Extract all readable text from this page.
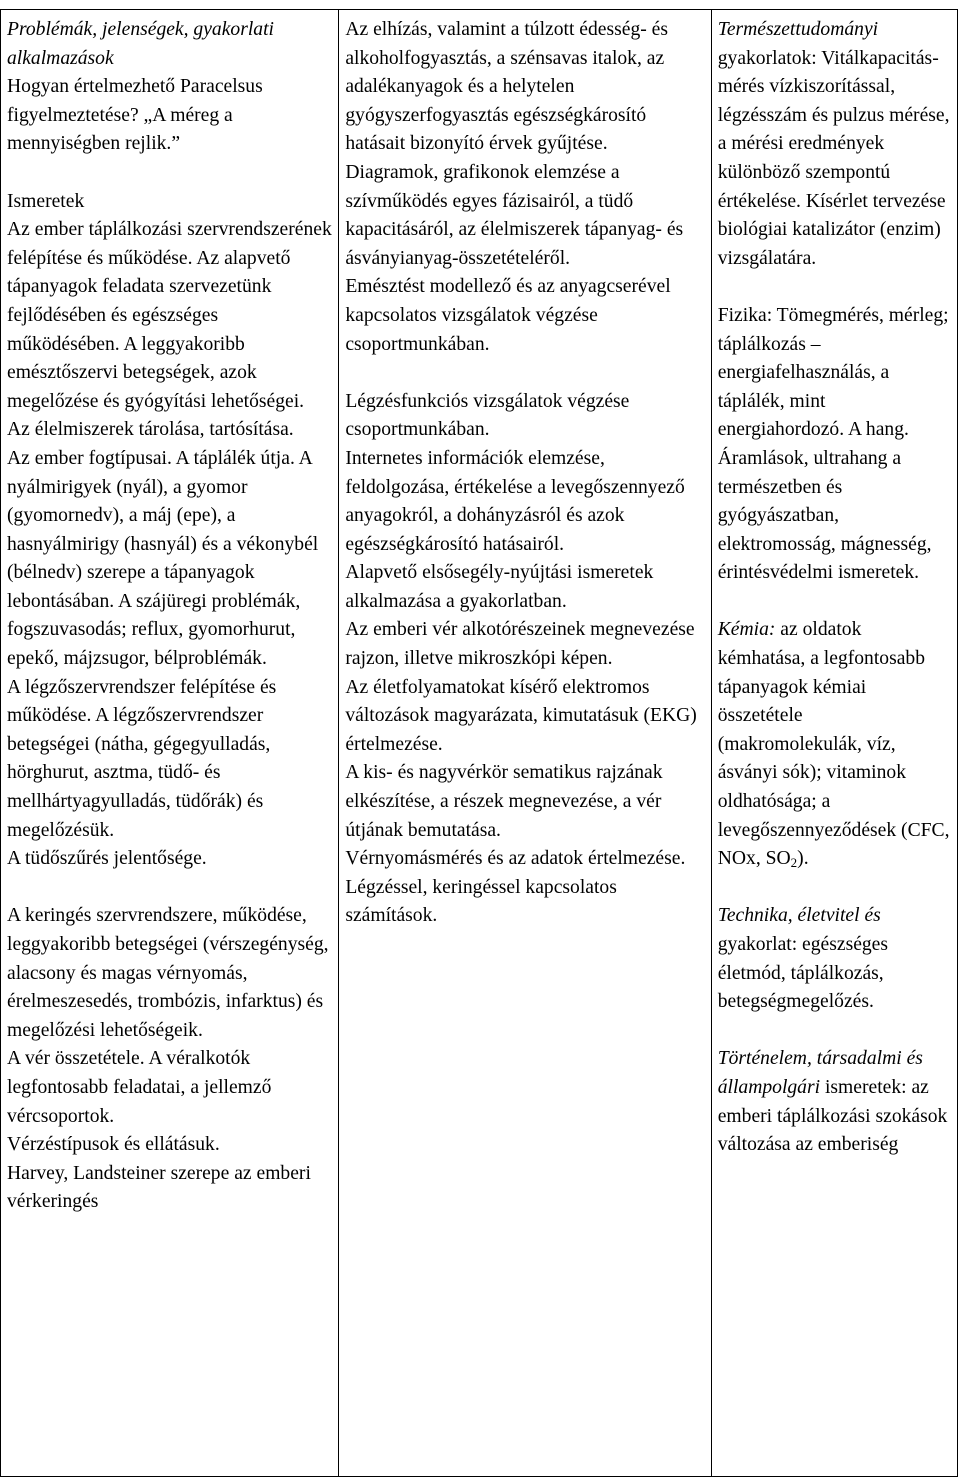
Problémák, jelenségek, gyakorlati alkalmazások
Hogyan értelmezhető Paracelsus figyelmeztetése? „A méreg a mennyiségben rejlik.”
Ismeretek
Az ember táplálkozási szervrendszerének felépítése és működése. Az alapvető tápanyagok feladata szervezetünk fejlődésében és egészséges működésében. A leggyakoribb emésztőszervi betegségek, azok megelőzése és gyógyítási lehetőségei.
Az élelmiszerek tárolása, tartósítása.
Az ember fogtípusai. A táplálék útja. A nyálmirigyek (nyál), a gyomor (gyomornedv), a máj (epe), a hasnyálmirigy (hasnyál) és a vékonybél (bélnedv) szerepe a tápanyagok lebontásában. A szájüregi problémák, fogszuvasodás; reflux, gyomorhurut, epekő, májzsugor, bélproblémák.
A légzőszervrendszer felépítése és működése. A légzőszervrendszer betegségei (nátha, gégegyulladás, hörghurut, asztma, tüdő- és mellhártyagyulladás, tüdőrák) és megelőzésük.
A tüdőszűrés jelentősége.
A keringés szervrendszere, működése, leggyakoribb betegségei (vérszegénység, alacsony és magas vérnyomás, érelmeszesedés, trombózis, infarktus) és megelőzési lehetőségeik.
A vér összetétele. A véralkotók legfontosabb feladatai, a jellemző vércsoportok.
Vérzéstípusok és ellátásuk.
Harvey, Landsteiner szerepe az emberi vérkeringés

Az elhízás, valamint a túlzott édesség- és alkoholfogyasztás, a szénsavas italok, az adalékanyagok és a helytelen gyógyszerfogyasztás egészségkárosító hatásait bizonyító érvek gyűjtése.
Diagramok, grafikonok elemzése a szívműködés egyes fázisairól, a tüdő kapacitásáról, az élelmiszerek tápanyag- és ásványianyag-összetételéről.
Emésztést modellező és az anyagcserével kapcsolatos vizsgálatok végzése csoportmunkában.
Légzésfunkciós vizsgálatok végzése csoportmunkában.
Internetes információk elemzése, feldolgozása, értékelése a levegőszennyező anyagokról, a dohányzásról és azok egészségkárosító hatásairól.
Alapvető elsősegély-nyújtási ismeretek alkalmazása a gyakorlatban.
Az emberi vér alkotórészeinek megnevezése rajzon, illetve mikroszkópi képen.
Az életfolyamatokat kísérő elektromos változások magyarázata, kimutatásuk (EKG) értelmezése.
A kis- és nagyvérkör sematikus rajzának elkészítése, a részek megnevezése, a vér útjának bemutatása.
Vérnyomásmérés és az adatok értelmezése.
Légzéssel, keringéssel kapcsolatos számítások.

Természettudományi
gyakorlatok: Vitálkapacitás-mérés vízkiszorítással, légzésszám és pulzus mérése, a mérési eredmények különböző szempontú értékelése. Kísérlet tervezése biológiai katalizátor (enzim) vizsgálatára.
Fizika: Tömegmérés, mérleg; táplálkozás – energiafelhasználás, a táplálék, mint energiahordozó. A hang. Áramlások, ultrahang a természetben és gyógyászatban, elektromosság, mágnesség, érintésvédelmi ismeretek.
Kémia: az oldatok kémhatása, a legfontosabb tápanyagok kémiai összetétele (makromolekulák, víz, ásványi sók); vitaminok oldhatósága; a levegőszennyeződések (CFC, NOx, $SO_2$).
Technika, életvitel és gyakorlat: egészséges életmód, táplálkozás, betegségmegelőzés.
Történelem, társadalmi és állampolgári ismeretek: az emberi táplálkozási szokások változása az emberiség
